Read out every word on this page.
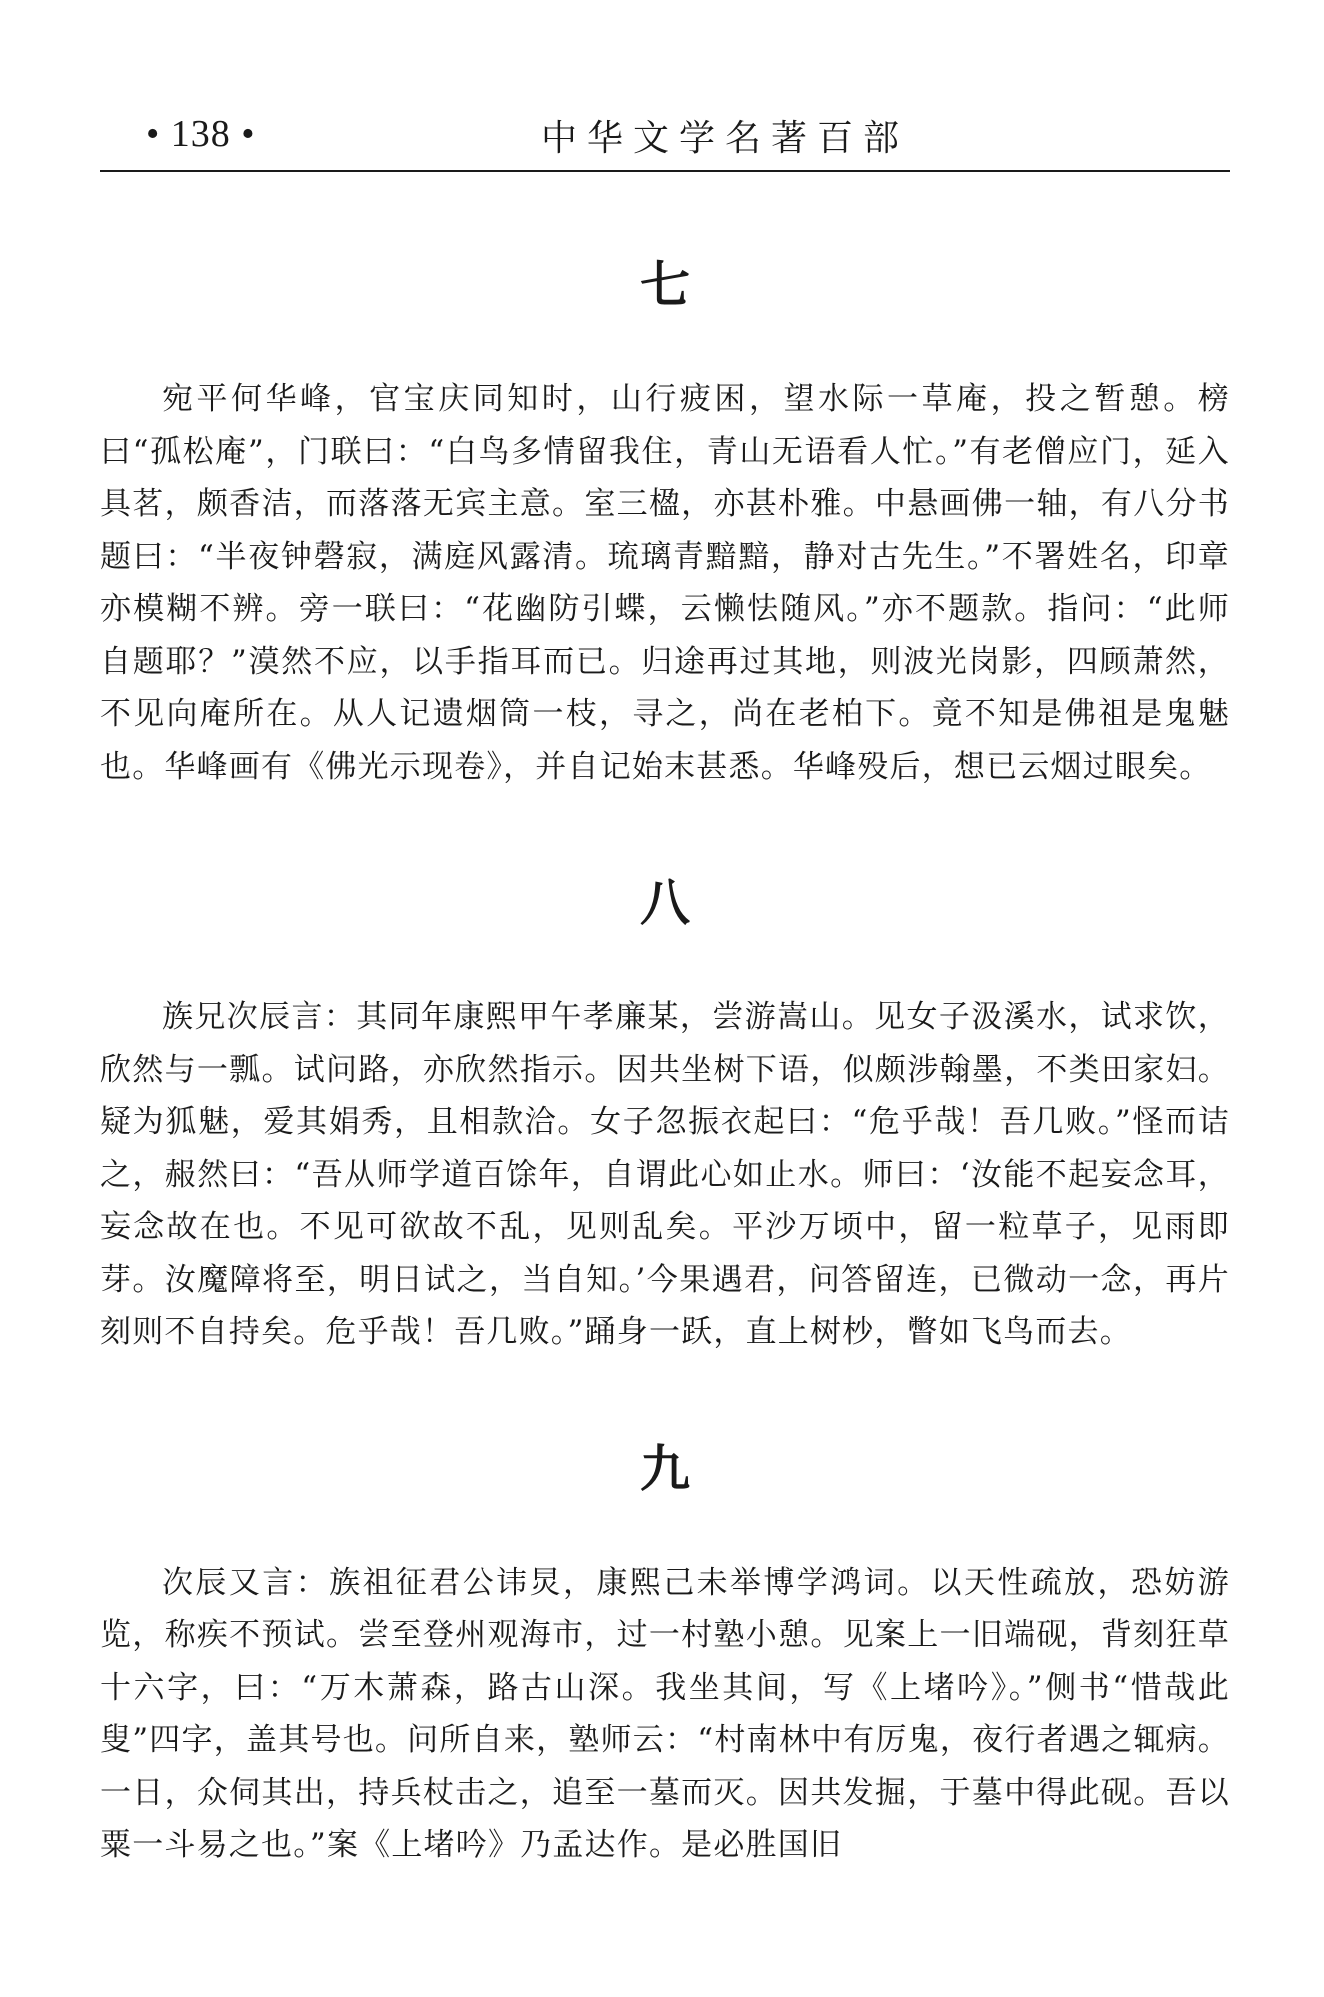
• 138 •	中华文学名著百部
七

宛平何华峰，官宝庆同知时，山行疲困，望水际一草庵，投之暂憩。榜曰“孤松庵”，门联曰：“白鸟多情留我住，青山无语看人忙。”有老僧应门，延入具茗，颇香洁，而落落无宾主意。室三楹，亦甚朴雅。中悬画佛一轴，有八分书题曰：“半夜钟磬寂，满庭风露清。琉璃青黯黯，静对古先生。”不署姓名，印章亦模糊不辨。旁一联曰：“花幽防引蝶，云懒怯随风。”亦不题款。指问：“此师自题耶？”漠然不应，以手指耳而已。归途再过其地，则波光岗影，四顾萧然，不见向庵所在。从人记遗烟筒一枝，寻之，尚在老柏下。竟不知是佛祖是鬼魅也。华峰画有《佛光示现卷》，并自记始末甚悉。华峰殁后，想已云烟过眼矣。

八

族兄次辰言：其同年康熙甲午孝廉某，尝游嵩山。见女子汲溪水，试求饮，欣然与一瓢。试问路，亦欣然指示。因共坐树下语，似颇涉翰墨，不类田家妇。疑为狐魅，爱其娟秀，且相款洽。女子忽振衣起曰：“危乎哉！吾几败。”怪而诘之，赧然曰：“吾从师学道百馀年，自谓此心如止水。师曰：‘汝能不起妄念耳，妄念故在也。不见可欲故不乱，见则乱矣。平沙万顷中，留一粒草子，见雨即芽。汝魔障将至，明日试之，当自知。’今果遇君，问答留连，已微动一念，再片刻则不自持矣。危乎哉！吾几败。”踊身一跃，直上树杪，瞥如飞鸟而去。

九

次辰又言：族祖征君公讳炅，康熙己未举博学鸿词。以天性疏放，恐妨游览，称疾不预试。尝至登州观海市，过一村塾小憩。见案上一旧端砚，背刻狂草十六字，曰：“万木萧森，路古山深。我坐其间，写《上堵吟》。”侧书“惜哉此叟”四字，盖其号也。问所自来，塾师云：“村南林中有厉鬼，夜行者遇之辄病。一日，众伺其出，持兵杖击之，追至一墓而灭。因共发掘，于墓中得此砚。吾以粟一斗易之也。”案《上堵吟》乃孟达作。是必胜国旧
